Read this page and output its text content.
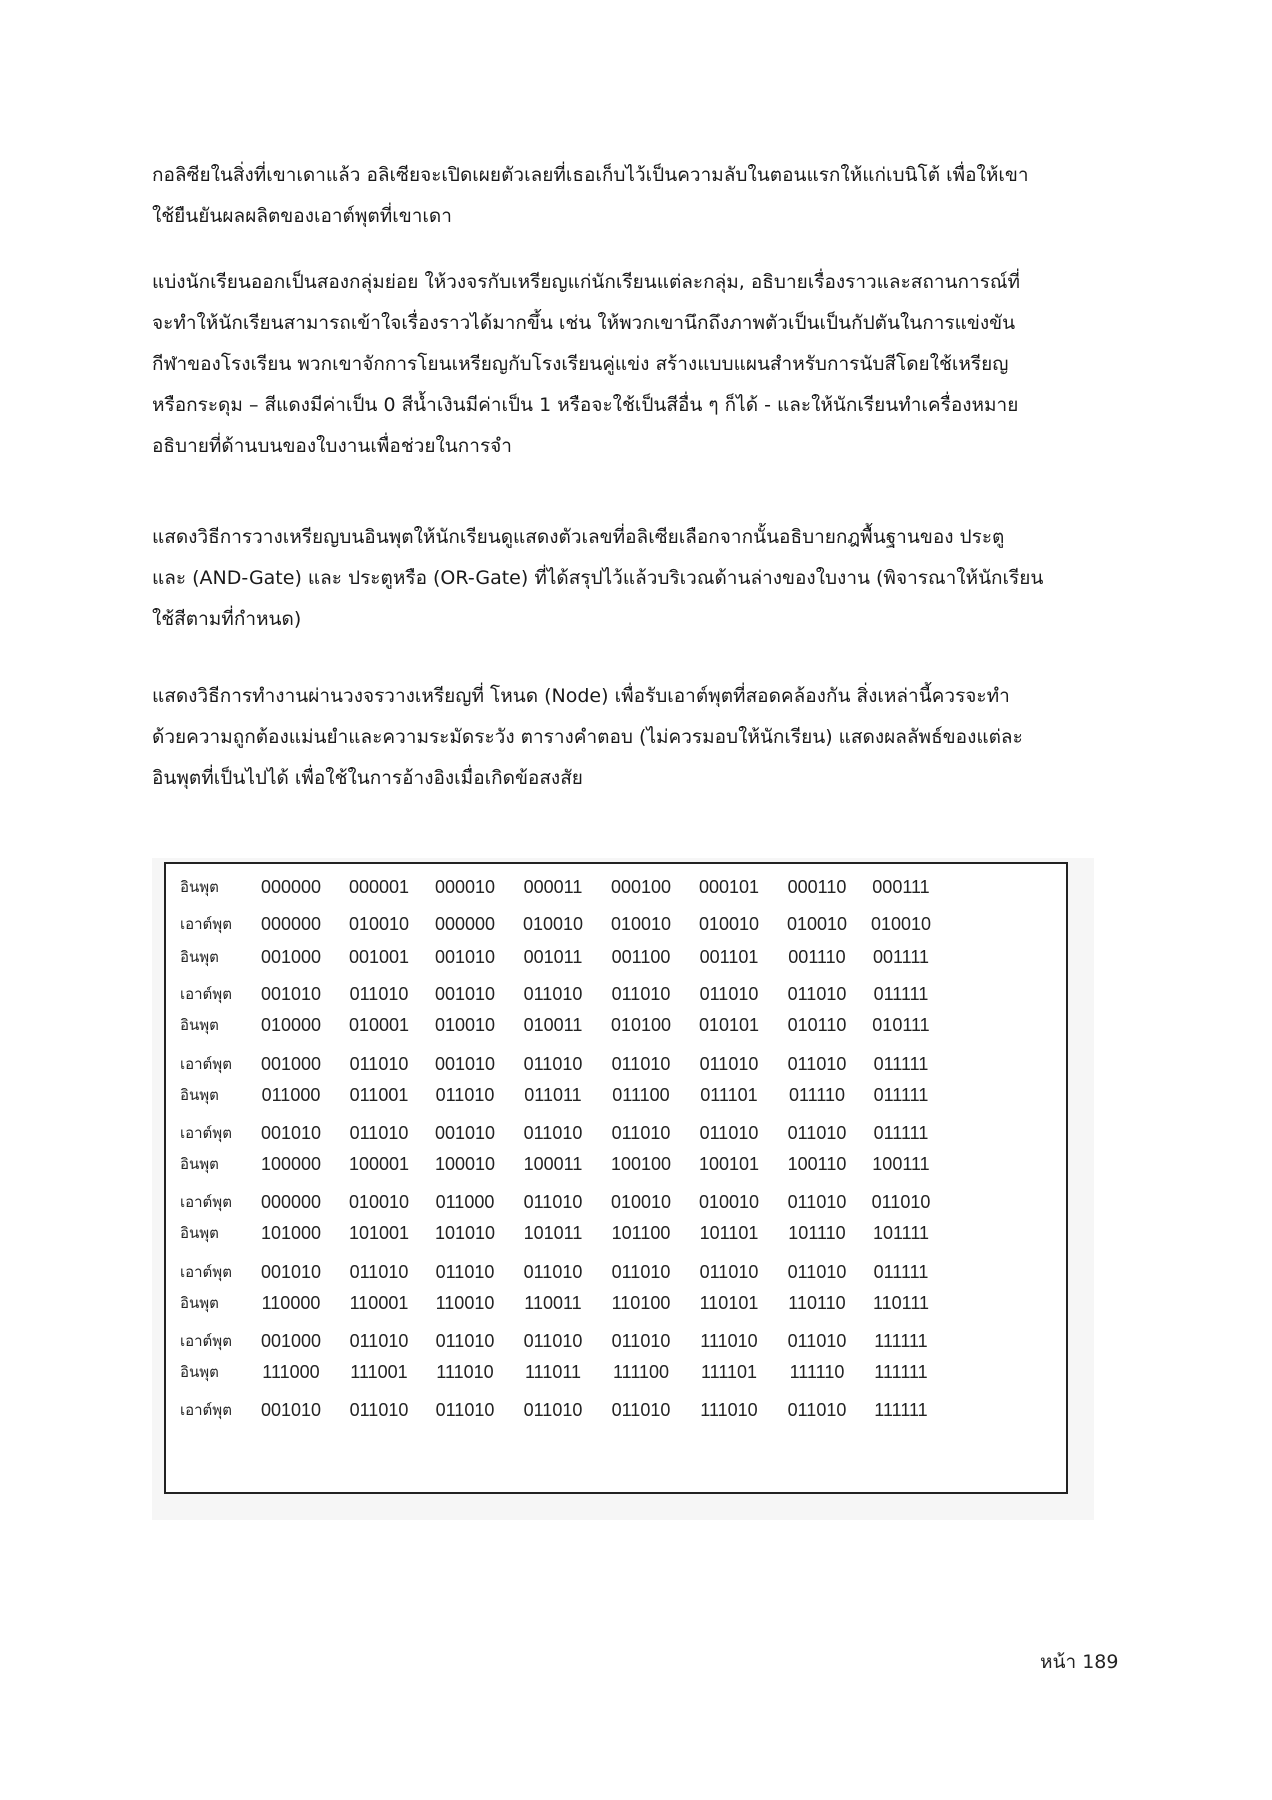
กอลิซียในสิ่งที่เขาเดาแล้ว อลิเซียจะเปิดเผยตัวเลยที่เธอเก็บไว้เป็นความลับในตอนแรกให้แก่เบนิโต้ เพื่อให้เขา
ใช้ยืนยันผลผลิตของเอาต์พุตที่เขาเดา
แบ่งนักเรียนออกเป็นสองกลุ่มย่อย ให้วงจรกับเหรียญแก่นักเรียนแต่ละกลุ่ม, อธิบายเรื่องราวและสถานการณ์ที่
จะทำให้นักเรียนสามารถเข้าใจเรื่องราวได้มากขึ้น เช่น ให้พวกเขานึกถึงภาพตัวเป็นเป็นกัปตันในการแข่งขัน
กีฬาของโรงเรียน พวกเขาจักการโยนเหรียญกับโรงเรียนคู่แข่ง สร้างแบบแผนสำหรับการนับสีโดยใช้เหรียญ
หรือกระดุม – สีแดงมีค่าเป็น 0 สีน้ำเงินมีค่าเป็น 1 หรือจะใช้เป็นสีอื่น ๆ ก็ได้ - และให้นักเรียนทำเครื่องหมาย
อธิบายที่ด้านบนของใบงานเพื่อช่วยในการจำ
แสดงวิธีการวางเหรียญบนอินพุตให้นักเรียนดูแสดงตัวเลขที่อลิเซียเลือกจากนั้นอธิบายกฎพื้นฐานของ ประตู
และ (AND-Gate) และ ประตูหรือ (OR-Gate) ที่ได้สรุปไว้แล้วบริเวณด้านล่างของใบงาน (พิจารณาให้นักเรียน
ใช้สีตามที่กำหนด)
แสดงวิธีการทำงานผ่านวงจรวางเหรียญที่ โหนด (Node) เพื่อรับเอาต์พุตที่สอดคล้องกัน สิ่งเหล่านี้ควรจะทำ
ด้วยความถูกต้องแม่นยำและความระมัดระวัง ตารางคำตอบ (ไม่ควรมอบให้นักเรียน) แสดงผลลัพธ์ของแต่ละ
อินพุตที่เป็นไปได้ เพื่อใช้ในการอ้างอิงเมื่อเกิดข้อสงสัย
อินพุต	000000	000001	000010	000011	000100	000101	000110	000111
เอาต์พุต	000000	010010	000000	010010	010010	010010	010010	010010
อินพุต	001000	001001	001010	001011	001100	001101	001110	001111
เอาต์พุต	001010	011010	001010	011010	011010	011010	011010	011111
อินพุต	010000	010001	010010	010011	010100	010101	010110	010111
เอาต์พุต	001000	011010	001010	011010	011010	011010	011010	011111
อินพุต	011000	011001	011010	011011	011100	011101	011110	011111
เอาต์พุต	001010	011010	001010	011010	011010	011010	011010	011111
อินพุต	100000	100001	100010	100011	100100	100101	100110	100111
เอาต์พุต	000000	010010	011000	011010	010010	010010	011010	011010
อินพุต	101000	101001	101010	101011	101100	101101	101110	101111
เอาต์พุต	001010	011010	011010	011010	011010	011010	011010	011111
อินพุต	110000	110001	110010	110011	110100	110101	110110	110111
เอาต์พุต	001000	011010	011010	011010	011010	111010	011010	111111
อินพุต	111000	111001	111010	111011	111100	111101	111110	111111
เอาต์พุต	001010	011010	011010	011010	011010	111010	011010	111111
หน้า 189
